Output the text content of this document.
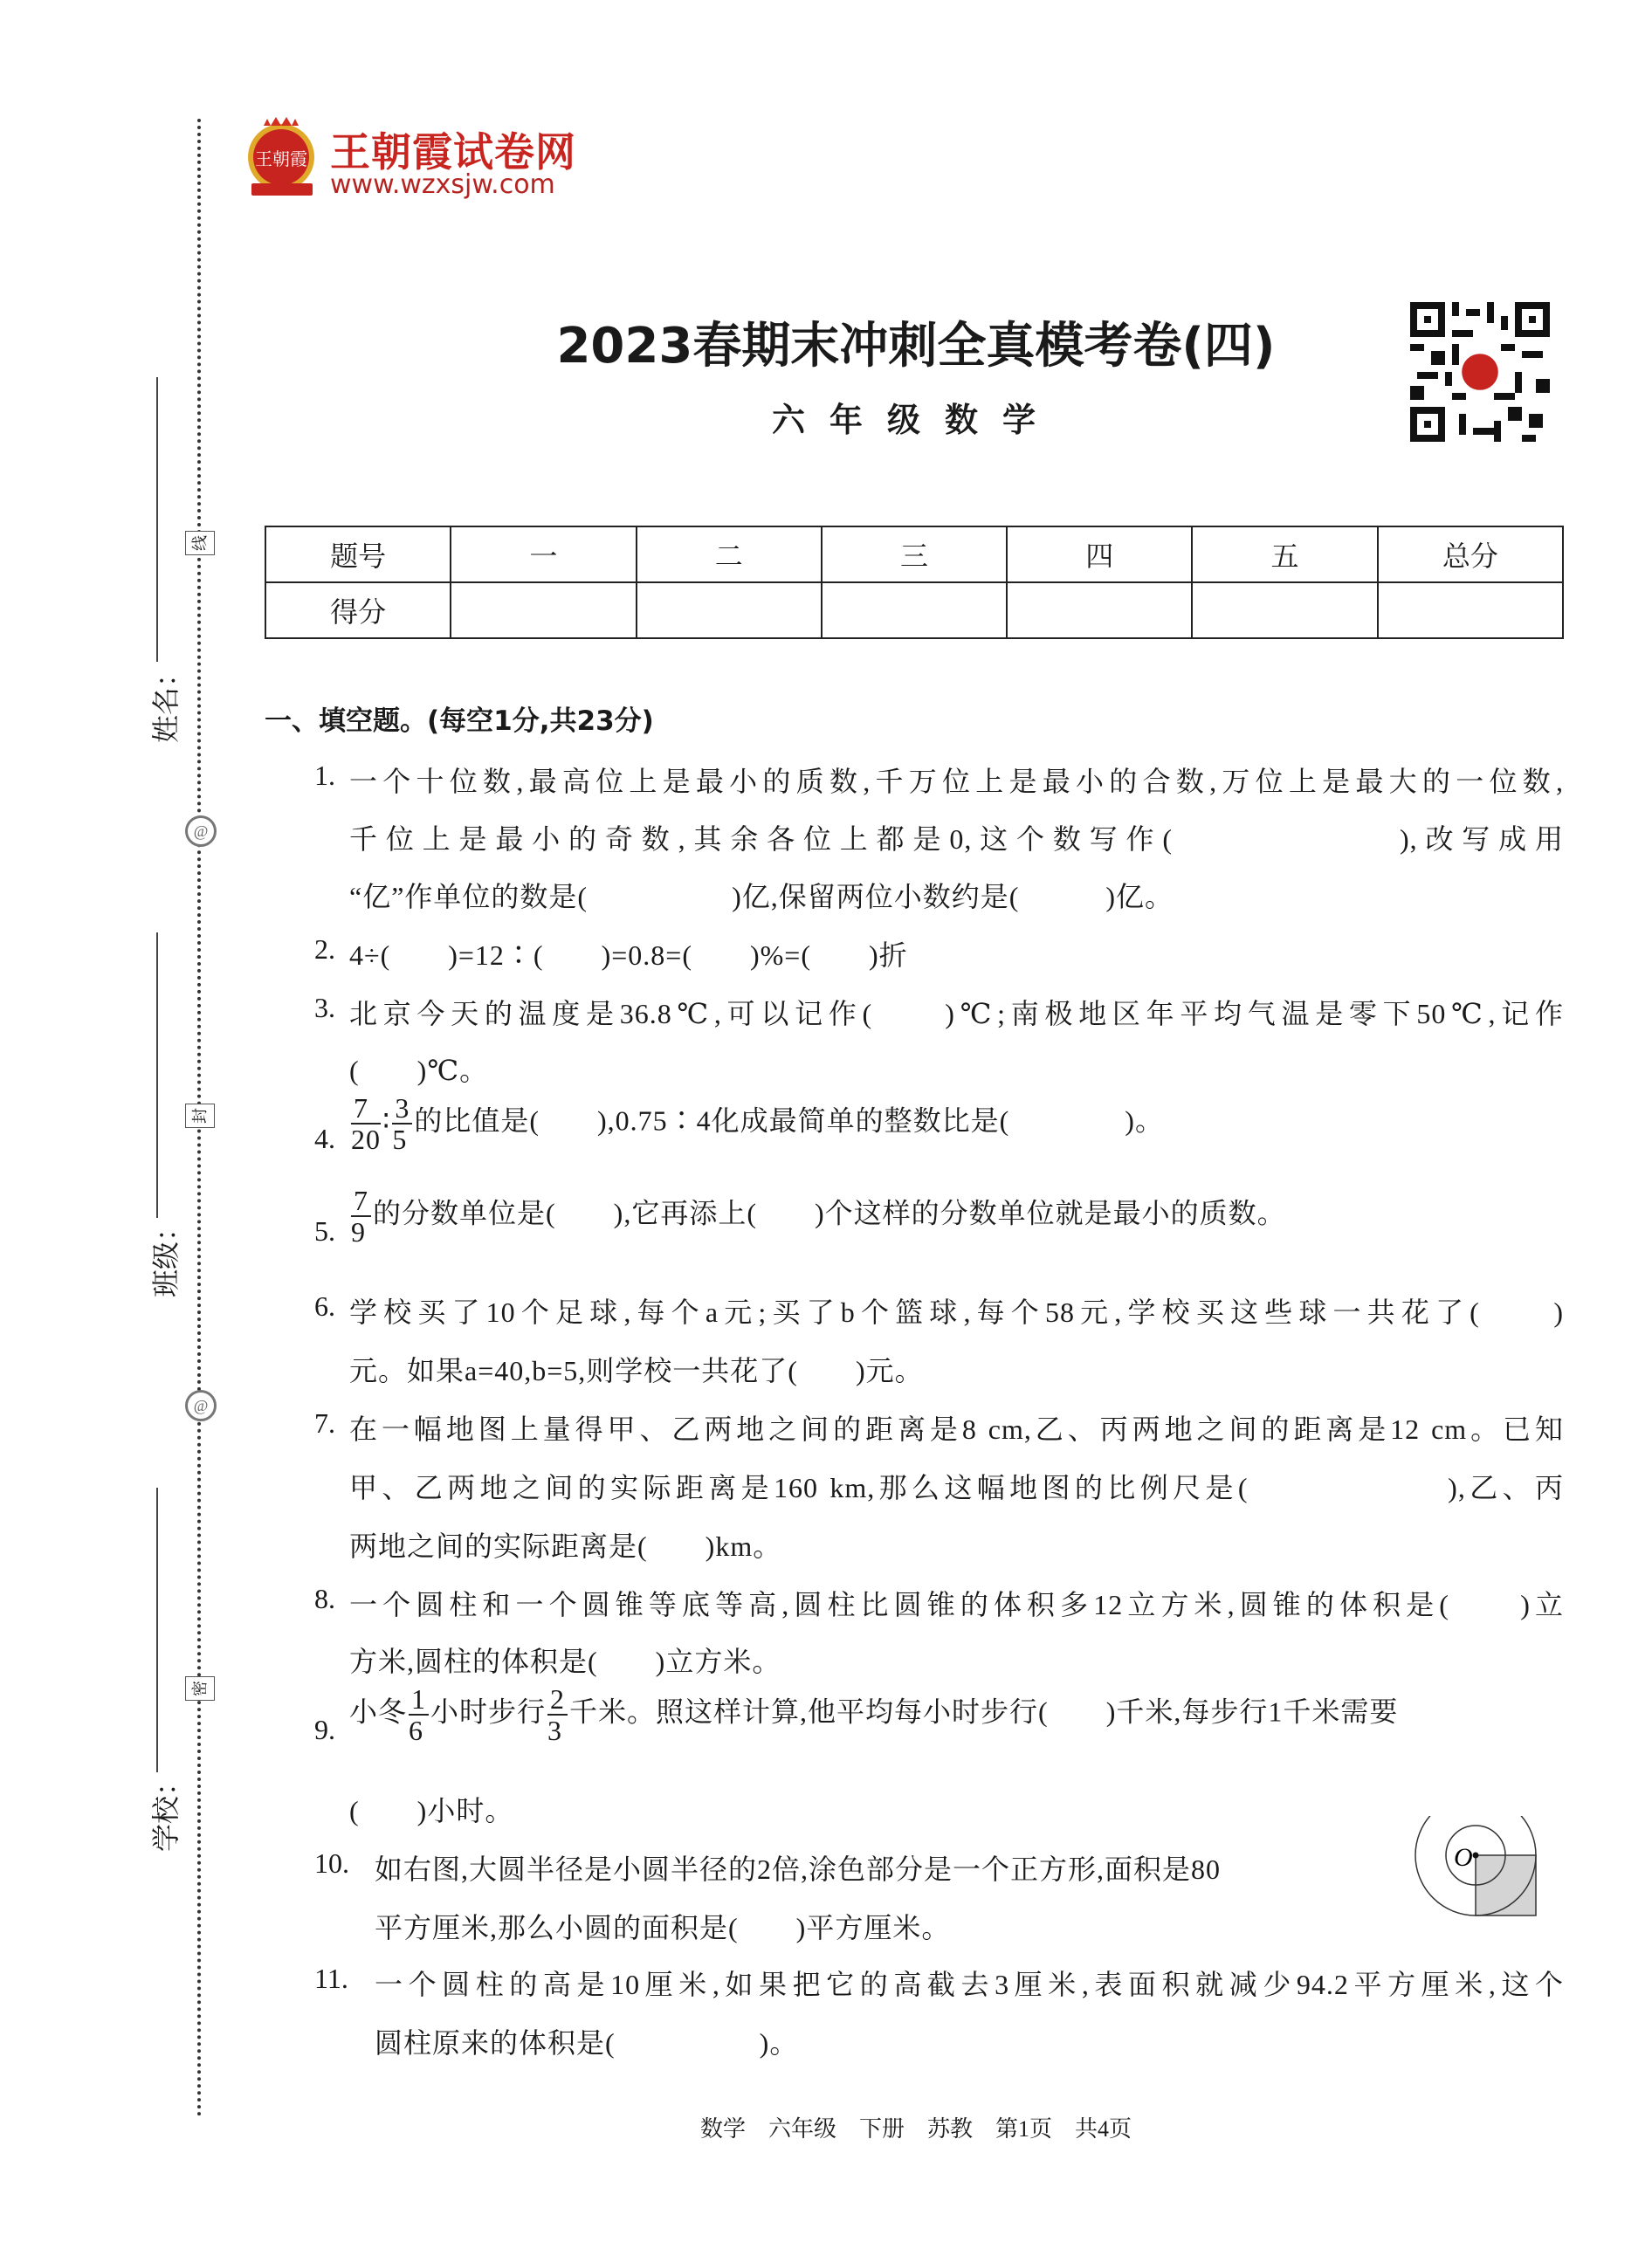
姓名：
班级：
学校：
线
封
密
@
@
王朝霞 王朝霞试卷网
www.wzxsjw.com
2023春期末冲刺全真模考卷(四)
六年级数学
题号	一	二	三	四	五	总分
得分						
一、填空题。(每空1分,共23分)
1. 一个十位数,最高位上是最小的质数,千万位上是最小的合数,万位上是最大的一位数,
千位上是最小的奇数,其余各位上都是0,这个数写作(　　　　　　),改写成用
“亿”作单位的数是(　　　　　)亿,保留两位小数约是(　　　)亿。
2. 4÷(　　)=12∶(　　)=0.8=(　　)%=(　　)折
3. 北京今天的温度是36.8℃,可以记作(　　)℃;南极地区年平均气温是零下50℃,记作
(　　)℃。
4. $\frac{7}{20}$ ∶ $\frac{3}{5}$ 的比值是(　　),0.75∶4化成最简单的整数比是(　　　　)。
5. $\frac{7}{9}$ 的分数单位是(　　),它再添上(　　)个这样的分数单位就是最小的质数。
6. 学校买了10个足球,每个a元;买了b个篮球,每个58元,学校买这些球一共花了(　　)
元。如果a=40,b=5,则学校一共花了(　　)元。
7. 在一幅地图上量得甲、乙两地之间的距离是8 cm,乙、丙两地之间的距离是12 cm。已知
甲、乙两地之间的实际距离是160 km,那么这幅地图的比例尺是(　　　　　　),乙、丙
两地之间的实际距离是(　　)km。
8. 一个圆柱和一个圆锥等底等高,圆柱比圆锥的体积多12立方米,圆锥的体积是(　　)立
方米,圆柱的体积是(　　)立方米。
9.
小冬 $\frac{1}{6}$ 小时步行 $\frac{2}{3}$ 千米。照这样计算,他平均每小时步行(　　)千米,每步行1千米需要
(　　)小时。
10. 如右图,大圆半径是小圆半径的2倍,涂色部分是一个正方形,面积是80
平方厘米,那么小圆的面积是(　　)平方厘米。
O
11. 一个圆柱的高是10厘米,如果把它的高截去3厘米,表面积就减少94.2平方厘米,这个
圆柱原来的体积是(　　　　　)。
数学　六年级　下册　苏教　第1页　共4页
